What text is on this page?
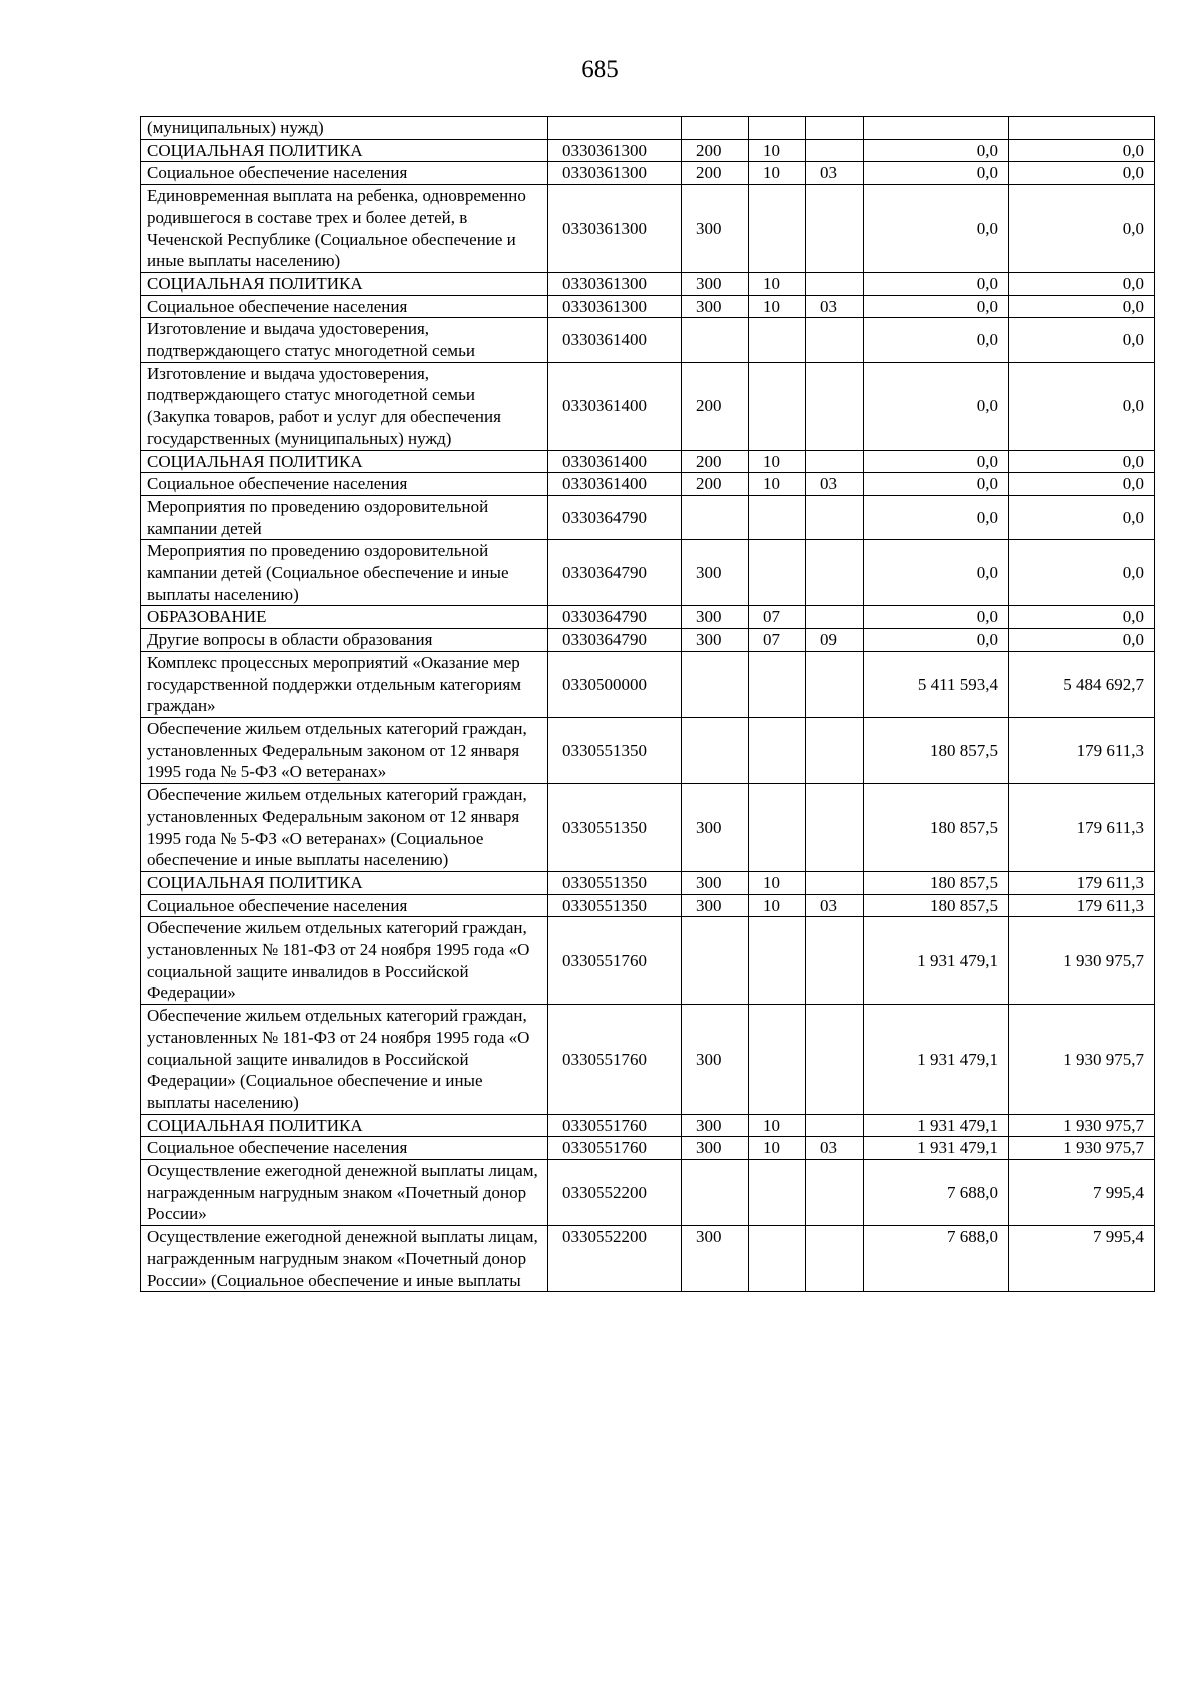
685
(муниципальных) нужд)						
СОЦИАЛЬНАЯ ПОЛИТИКА	0330361300	200	10		0,0	0,0
Социальное обеспечение населения	0330361300	200	10	03	0,0	0,0
Единовременная выплата на ребенка, одновременно родившегося в составе трех и более детей, в Чеченской Республике (Социальное обеспечение и иные выплаты населению)	0330361300	300			0,0	0,0
СОЦИАЛЬНАЯ ПОЛИТИКА	0330361300	300	10		0,0	0,0
Социальное обеспечение населения	0330361300	300	10	03	0,0	0,0
Изготовление и выдача удостоверения, подтверждающего статус многодетной семьи	0330361400				0,0	0,0
Изготовление и выдача удостоверения, подтверждающего статус многодетной семьи (Закупка товаров, работ и услуг для обеспечения государственных (муниципальных) нужд)	0330361400	200			0,0	0,0
СОЦИАЛЬНАЯ ПОЛИТИКА	0330361400	200	10		0,0	0,0
Социальное обеспечение населения	0330361400	200	10	03	0,0	0,0
Мероприятия по проведению оздоровительной кампании детей	0330364790				0,0	0,0
Мероприятия по проведению оздоровительной кампании детей (Социальное обеспечение и иные выплаты населению)	0330364790	300			0,0	0,0
ОБРАЗОВАНИЕ	0330364790	300	07		0,0	0,0
Другие вопросы в области образования	0330364790	300	07	09	0,0	0,0
Комплекс процессных мероприятий «Оказание мер государственной поддержки отдельным категориям граждан»	0330500000				5 411 593,4	5 484 692,7
Обеспечение жильем отдельных категорий граждан, установленных Федеральным законом от 12 января 1995 года № 5-ФЗ «О ветеранах»	0330551350				180 857,5	179 611,3
Обеспечение жильем отдельных категорий граждан, установленных Федеральным законом от 12 января 1995 года № 5-ФЗ «О ветеранах» (Социальное обеспечение и иные выплаты населению)	0330551350	300			180 857,5	179 611,3
СОЦИАЛЬНАЯ ПОЛИТИКА	0330551350	300	10		180 857,5	179 611,3
Социальное обеспечение населения	0330551350	300	10	03	180 857,5	179 611,3
Обеспечение жильем отдельных категорий граждан, установленных № 181-ФЗ от 24 ноября 1995 года «О социальной защите инвалидов в Российской Федерации»	0330551760				1 931 479,1	1 930 975,7
Обеспечение жильем отдельных категорий граждан, установленных № 181-ФЗ от 24 ноября 1995 года «О социальной защите инвалидов в Российской Федерации» (Социальное обеспечение и иные выплаты населению)	0330551760	300			1 931 479,1	1 930 975,7
СОЦИАЛЬНАЯ ПОЛИТИКА	0330551760	300	10		1 931 479,1	1 930 975,7
Социальное обеспечение населения	0330551760	300	10	03	1 931 479,1	1 930 975,7
Осуществление ежегодной денежной выплаты лицам, награжденным нагрудным знаком «Почетный донор России»	0330552200				7 688,0	7 995,4
Осуществление ежегодной денежной выплаты лицам, награжденным нагрудным знаком «Почетный донор России» (Социальное обеспечение и иные выплаты	0330552200	300			7 688,0	7 995,4
